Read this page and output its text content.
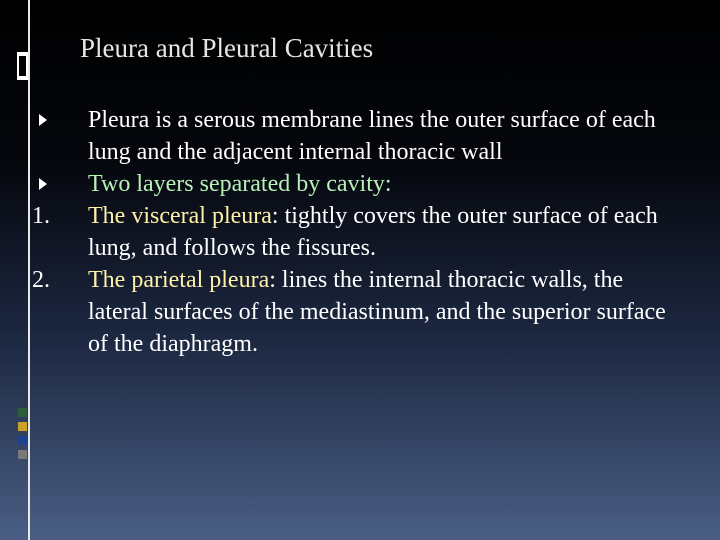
Pleura and Pleural Cavities
Pleura is a serous membrane lines the outer surface of each lung and the adjacent internal thoracic wall
Two layers separated by cavity:
1.	The visceral pleura: tightly covers the outer surface of each lung, and follows the fissures.
2.	The parietal pleura: lines the internal thoracic walls, the lateral surfaces of the mediastinum, and the superior surface of the diaphragm.
